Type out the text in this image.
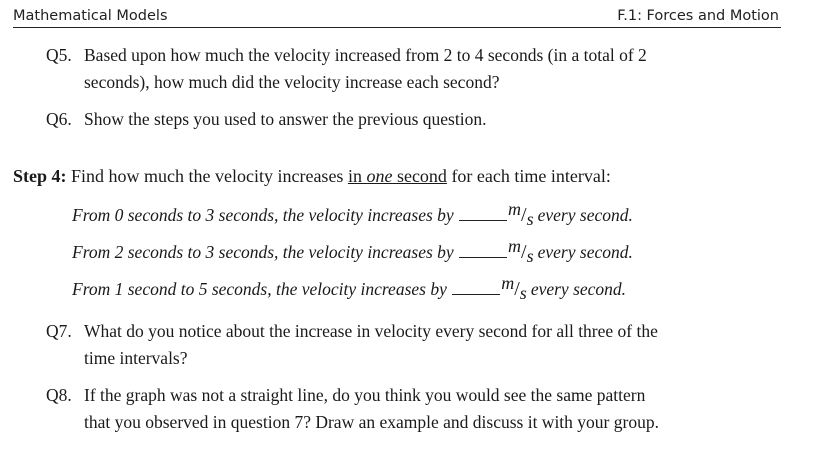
Mathematical Models	F.1: Forces and Motion
Q5. Based upon how much the velocity increased from 2 to 4 seconds (in a total of 2
seconds), how much did the velocity increase each second?
Q6. Show the steps you used to answer the previous question.
Step 4: Find how much the velocity increases in one second for each time interval:
From 0 seconds to 3 seconds, the velocity increases by	m/s every second.
From 2 seconds to 3 seconds, the velocity increases by	m/s every second.
From 1 second to 5 seconds, the velocity increases by	m/s every second.
Q7. What do you notice about the increase in velocity every second for all three of the
time intervals?
Q8. If the graph was not a straight line, do you think you would see the same pattern
that you observed in question 7? Draw an example and discuss it with your group.
